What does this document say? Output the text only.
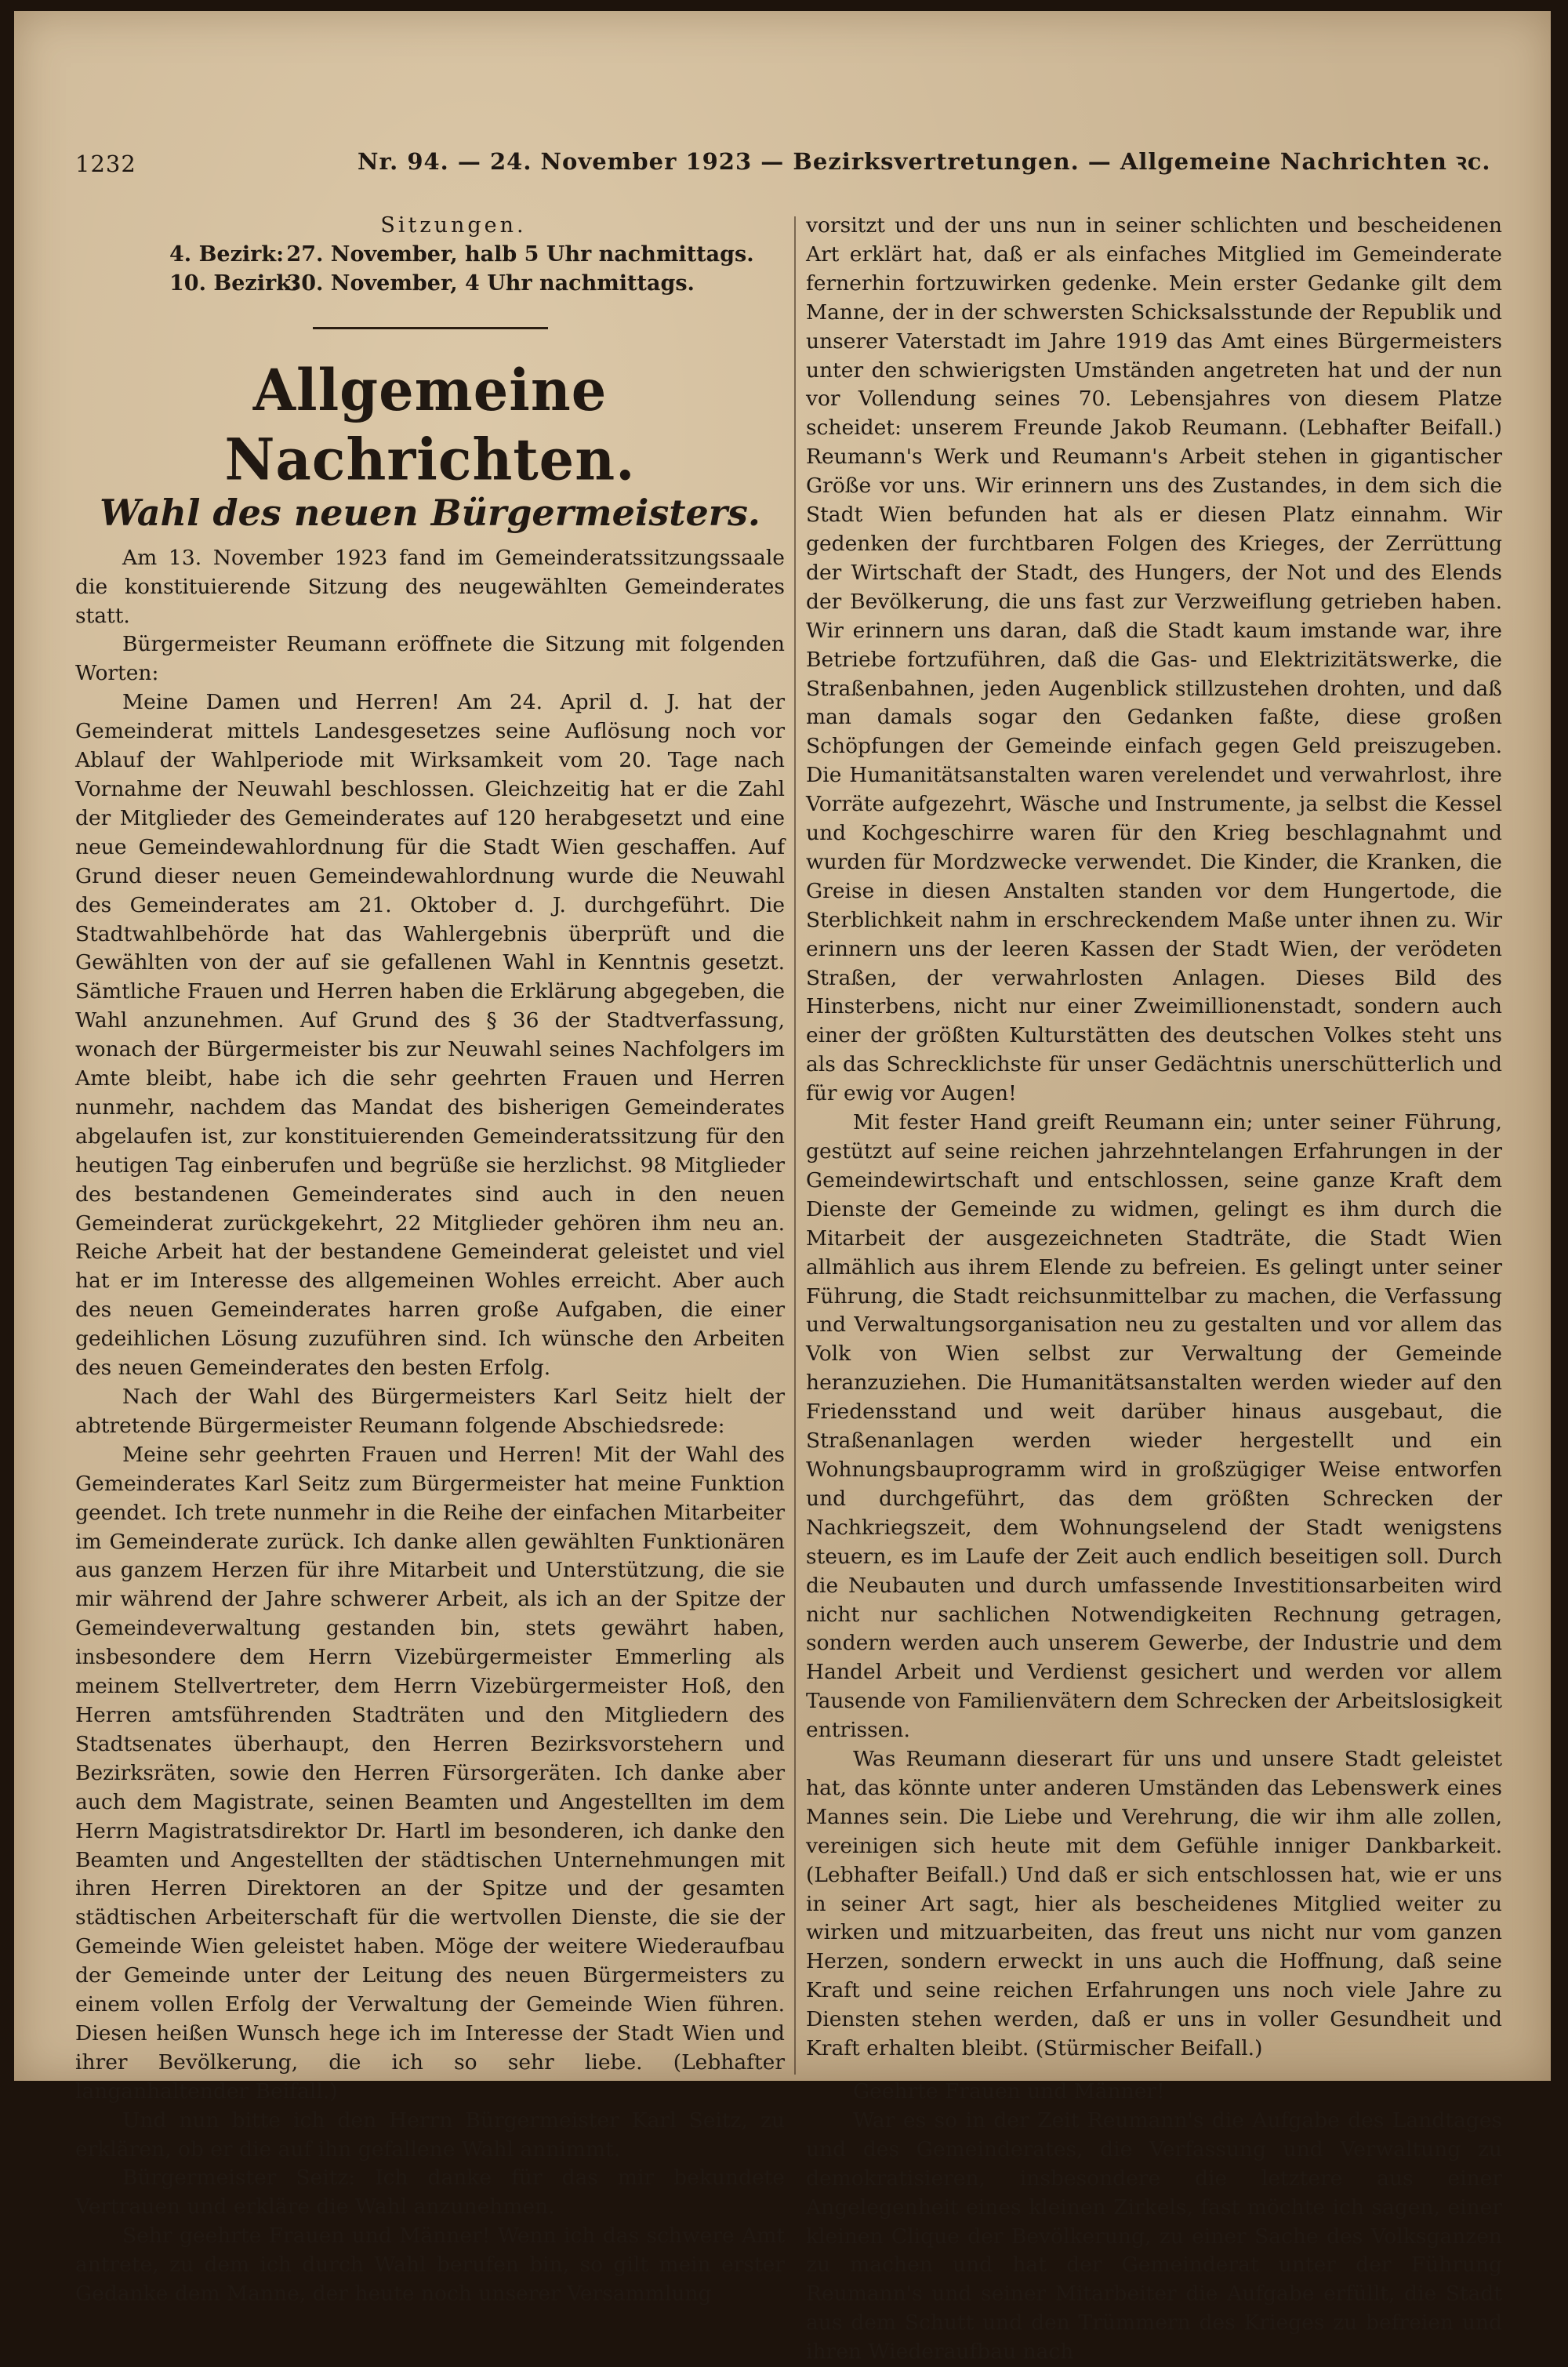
1232	Nr. 94. — 24. November 1923 — Bezirksvertretungen. — Allgemeine Nachrichten ꝛc.

Sitzungen.

4. Bezirk: 27. November, halb 5 Uhr nachmittags.

10. Bezirk: 30. November, 4 Uhr nachmittags.

Allgemeine Nachrichten.
Wahl des neuen Bürgermeisters.

Am 13. November 1923 fand im Gemeinderatssitzungssaale die konstituierende Sitzung des neugewählten Gemeinderates statt.

Bürgermeister Reumann eröffnete die Sitzung mit folgenden Worten:

Meine Damen und Herren! Am 24. April d. J. hat der Gemeinderat mittels Landesgesetzes seine Auflösung noch vor Ablauf der Wahlperiode mit Wirksamkeit vom 20. Tage nach Vornahme der Neuwahl beschlossen. Gleichzeitig hat er die Zahl der Mitglieder des Gemeinderates auf 120 herabgesetzt und eine neue Gemeindewahlordnung für die Stadt Wien geschaffen. Auf Grund dieser neuen Gemeindewahlordnung wurde die Neuwahl des Gemeinderates am 21. Oktober d. J. durchgeführt. Die Stadtwahlbehörde hat das Wahlergebnis überprüft und die Gewählten von der auf sie gefallenen Wahl in Kenntnis gesetzt. Sämtliche Frauen und Herren haben die Erklärung abgegeben, die Wahl anzunehmen. Auf Grund des § 36 der Stadtverfassung, wonach der Bürgermeister bis zur Neuwahl seines Nachfolgers im Amte bleibt, habe ich die sehr geehrten Frauen und Herren nunmehr, nachdem das Mandat des bisherigen Gemeinderates abgelaufen ist, zur konstituierenden Gemeinderatssitzung für den heutigen Tag einberufen und begrüße sie herzlichst. 98 Mitglieder des bestandenen Gemeinderates sind auch in den neuen Gemeinderat zurückgekehrt, 22 Mitglieder gehören ihm neu an. Reiche Arbeit hat der bestandene Gemeinderat geleistet und viel hat er im Interesse des allgemeinen Wohles erreicht. Aber auch des neuen Gemeinderates harren große Aufgaben, die einer gedeihlichen Lösung zuzuführen sind. Ich wünsche den Arbeiten des neuen Gemeinderates den besten Erfolg.

Nach der Wahl des Bürgermeisters Karl Seitz hielt der abtretende Bürgermeister Reumann folgende Abschiedsrede:

Meine sehr geehrten Frauen und Herren! Mit der Wahl des Gemeinderates Karl Seitz zum Bürgermeister hat meine Funktion geendet. Ich trete nunmehr in die Reihe der einfachen Mitarbeiter im Gemeinderate zurück. Ich danke allen gewählten Funktionären aus ganzem Herzen für ihre Mitarbeit und Unterstützung, die sie mir während der Jahre schwerer Arbeit, als ich an der Spitze der Gemeindeverwaltung gestanden bin, stets gewährt haben, insbesondere dem Herrn Vizebürgermeister Emmerling als meinem Stellvertreter, dem Herrn Vizebürgermeister Hoß, den Herren amtsführenden Stadträten und den Mitgliedern des Stadtsenates überhaupt, den Herren Bezirksvorstehern und Bezirksräten, sowie den Herren Fürsorgeräten. Ich danke aber auch dem Magistrate, seinen Beamten und Angestellten im dem Herrn Magistratsdirektor Dr. Hartl im besonderen, ich danke den Beamten und Angestellten der städtischen Unternehmungen mit ihren Herren Direktoren an der Spitze und der gesamten städtischen Arbeiterschaft für die wertvollen Dienste, die sie der Gemeinde Wien geleistet haben. Möge der weitere Wiederaufbau der Gemeinde unter der Leitung des neuen Bürgermeisters zu einem vollen Erfolg der Verwaltung der Gemeinde Wien führen. Diesen heißen Wunsch hege ich im Interesse der Stadt Wien und ihrer Bevölkerung, die ich so sehr liebe. (Lebhafter langanhaltender Beifall.)

Und nun bitte ich den Herrn Bürgermeister Karl Seitz, zu erklären, ob er die auf ihn gefallene Wahl annimmt.

Bürgermeister Seitz: Ich danke für das mir bekundete Vertrauen und erkläre die Wahl anzunehmen.

Sehr geehrte Frauen und Männer! Wenn ich das schwere Amt antrete, zu dem ich durch Wahl berufen bin, so gilt mein erster Gedanke dem Manne, der heute noch unserer Versammlung

vorsitzt und der uns nun in seiner schlichten und bescheidenen Art erklärt hat, daß er als einfaches Mitglied im Gemeinderate fernerhin fortzuwirken gedenke. Mein erster Gedanke gilt dem Manne, der in der schwersten Schicksalsstunde der Republik und unserer Vaterstadt im Jahre 1919 das Amt eines Bürgermeisters unter den schwierigsten Umständen angetreten hat und der nun vor Vollendung seines 70. Lebensjahres von diesem Platze scheidet: unserem Freunde Jakob Reumann. (Lebhafter Beifall.) Reumann's Werk und Reumann's Arbeit stehen in gigantischer Größe vor uns. Wir erinnern uns des Zustandes, in dem sich die Stadt Wien befunden hat als er diesen Platz einnahm. Wir gedenken der furchtbaren Folgen des Krieges, der Zerrüttung der Wirtschaft der Stadt, des Hungers, der Not und des Elends der Bevölkerung, die uns fast zur Verzweiflung getrieben haben. Wir erinnern uns daran, daß die Stadt kaum imstande war, ihre Betriebe fortzuführen, daß die Gas- und Elektrizitätswerke, die Straßenbahnen, jeden Augenblick stillzustehen drohten, und daß man damals sogar den Gedanken faßte, diese großen Schöpfungen der Gemeinde einfach gegen Geld preiszugeben. Die Humanitätsanstalten waren verelendet und verwahrlost, ihre Vorräte aufgezehrt, Wäsche und Instrumente, ja selbst die Kessel und Kochgeschirre waren für den Krieg beschlagnahmt und wurden für Mordzwecke verwendet. Die Kinder, die Kranken, die Greise in diesen Anstalten standen vor dem Hungertode, die Sterblichkeit nahm in erschreckendem Maße unter ihnen zu. Wir erinnern uns der leeren Kassen der Stadt Wien, der verödeten Straßen, der verwahrlosten Anlagen. Dieses Bild des Hinsterbens, nicht nur einer Zweimillionenstadt, sondern auch einer der größten Kulturstätten des deutschen Volkes steht uns als das Schrecklichste für unser Gedächtnis unerschütterlich und für ewig vor Augen!

Mit fester Hand greift Reumann ein; unter seiner Führung, gestützt auf seine reichen jahrzehntelangen Erfahrungen in der Gemeindewirtschaft und entschlossen, seine ganze Kraft dem Dienste der Gemeinde zu widmen, gelingt es ihm durch die Mitarbeit der ausgezeichneten Stadträte, die Stadt Wien allmählich aus ihrem Elende zu befreien. Es gelingt unter seiner Führung, die Stadt reichsunmittelbar zu machen, die Verfassung und Verwaltungsorganisation neu zu gestalten und vor allem das Volk von Wien selbst zur Verwaltung der Gemeinde heranzuziehen. Die Humanitätsanstalten werden wieder auf den Friedensstand und weit darüber hinaus ausgebaut, die Straßenanlagen werden wieder hergestellt und ein Wohnungsbauprogramm wird in großzügiger Weise entworfen und durchgeführt, das dem größten Schrecken der Nachkriegszeit, dem Wohnungselend der Stadt wenigstens steuern, es im Laufe der Zeit auch endlich beseitigen soll. Durch die Neubauten und durch umfassende Investitionsarbeiten wird nicht nur sachlichen Notwendigkeiten Rechnung getragen, sondern werden auch unserem Gewerbe, der Industrie und dem Handel Arbeit und Verdienst gesichert und werden vor allem Tausende von Familienvätern dem Schrecken der Arbeitslosigkeit entrissen.

Was Reumann dieserart für uns und unsere Stadt geleistet hat, das könnte unter anderen Umständen das Lebenswerk eines Mannes sein. Die Liebe und Verehrung, die wir ihm alle zollen, vereinigen sich heute mit dem Gefühle inniger Dankbarkeit. (Lebhafter Beifall.) Und daß er sich entschlossen hat, wie er uns in seiner Art sagt, hier als bescheidenes Mitglied weiter zu wirken und mitzuarbeiten, das freut uns nicht nur vom ganzen Herzen, sondern erweckt in uns auch die Hoffnung, daß seine Kraft und seine reichen Erfahrungen uns noch viele Jahre zu Diensten stehen werden, daß er uns in voller Gesundheit und Kraft erhalten bleibt. (Stürmischer Beifall.)

Geehrte Frauen und Männer!

War es so in der Zeit Reumann's die Aufgabe des Landtages und des Gemeinderates, die Verfassung und Verwaltung zu demokratisieren, insbesondere die letztere aus einer Angelegenheit eines kleinen Zirkels, fast möchte ich sagen, einer kleinen Clique der Bevölkerung, zu einer Sache des Volksganzen zu machen und hat der Gemeinderat unter der Führung Reumann's und seiner Mitarbeiter die Aufgabe erfüllt, die Stadt aus dem Schutt und den Trümmern des Krieges zu befreien und ihren Wiederaufbau nach
